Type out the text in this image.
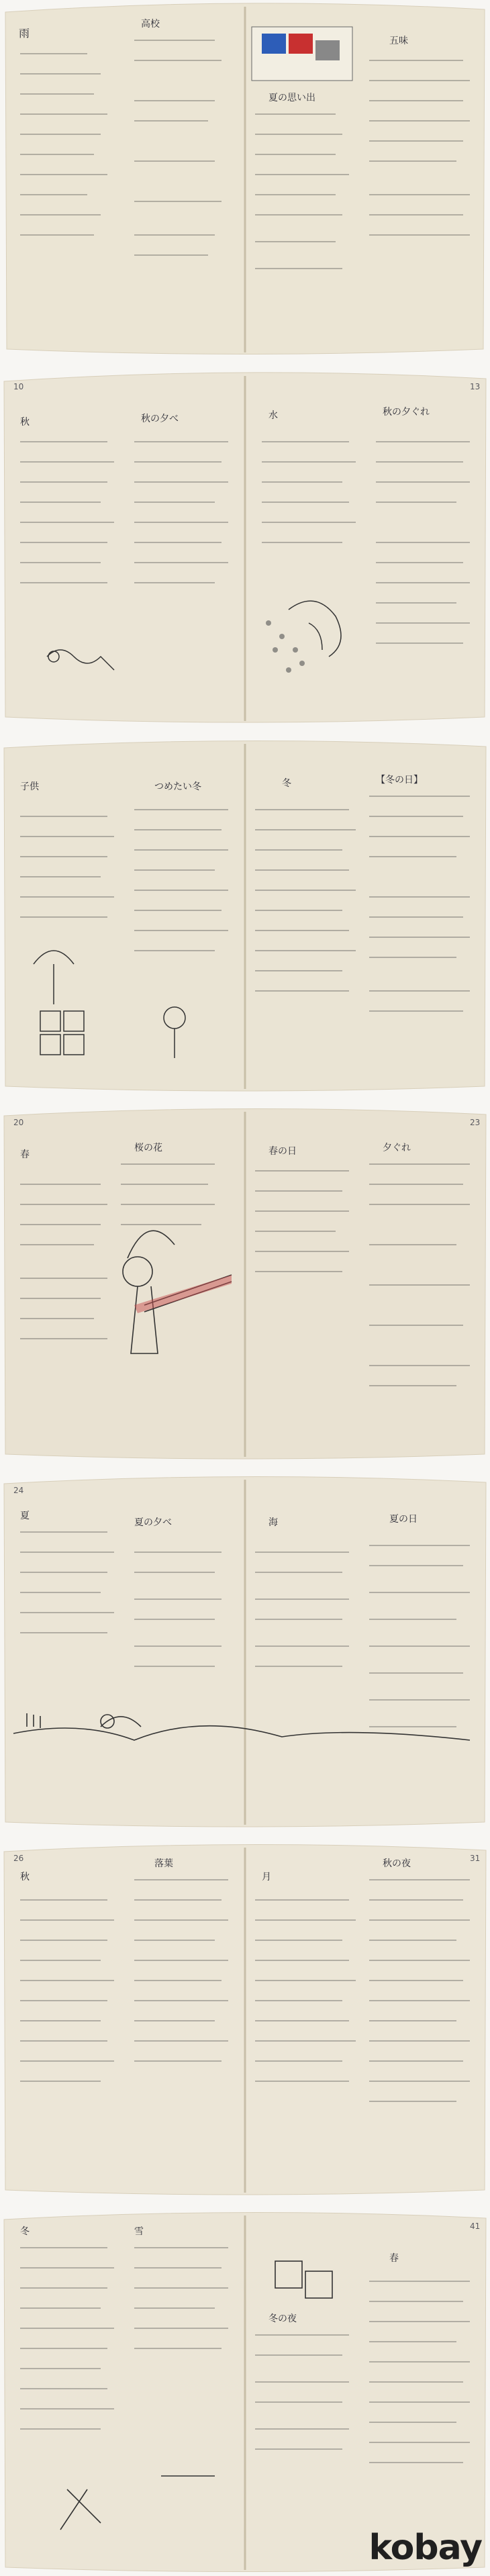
雨
高校
夏の思い出
五味
10	13
秋	秋の夕べ	水	秋の夕ぐれ
子供	つめたい冬	冬	【冬の日】
20	23
春
桜の花	春の日	夕ぐれ
24
夏
夏の夕べ	海	夏の日
26	31
秋
落葉
月
秋の夜
41
冬	雪
冬の夜
春
kobay
